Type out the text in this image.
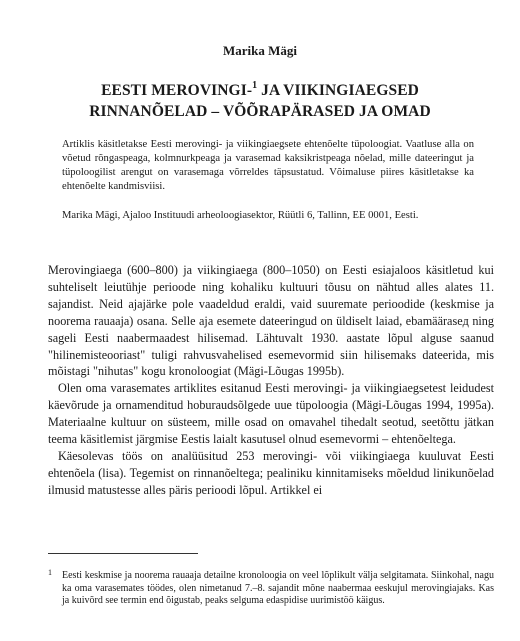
Marika Mägi
EESTI MEROVINGI-$^1$ JA VIIKINGIAEGSED
RINNANÕELAD – VÕÕRAPÄRASED JA OMAD
Artiklis käsitletakse Eesti merovingi- ja viikingiaegsete ehtenõelte tüpoloogiat. Vaatluse alla on võetud rõngaspeaga, kolmnurkpeaga ja varasemad kaksikristpeaga nõelad, mille dateeringut ja tüpoloogilist arengut on varasemaga võrreldes täpsustatud. Võimaluse piires käsitletakse ka ehtenõelte kandmisviisi.
Marika Mägi, Ajaloo Instituudi arheoloogiasektor, Rüütli 6, Tallinn, EE 0001, Eesti.

Merovingiaega (600–800) ja viikingiaega (800–1050) on Eesti esiajaloos käsitletud kui suhteliselt leiutühje perioode ning kohaliku kultuuri tõusu on nähtud alles alates 11. sajandist. Neid ajajärke pole vaadeldud eraldi, vaid suuremate perioodide (keskmise ja noorema rauaaja) osana. Selle aja esemete dateeringud on üldiselt laiad, ebamääraseд ning sageli Eesti naabermaadest hilisemad. Lähtuvalt 1930. aastate lõpul alguse saanud "hilinemisteooriast" tuligi rahvusvahelised esemevormid siin hilisemaks dateerida, mis mõistagi "nihutas" kogu kronoloogiat (Mägi-Lõugas 1995b).

Olen oma varasemates artiklites esitanud Eesti merovingi- ja viikingiaegsetest leidudest käevõrude ja ornamenditud hoburaudsõlgede uue tüpoloogia (Mägi-Lõugas 1994, 1995a). Materiaalne kultuur on süsteem, mille osad on omavahel tihedalt seotud, seetõttu jätkan teema käsitlemist järgmise Eestis laialt kasutusel olnud esemevormi – ehtenõeltega.

Käesolevas töös on analüüsitud 253 merovingi- või viikingiaega kuuluvat Eesti ehtenõela (lisa). Tegemist on rinnanõeltega; pealiniku kinnitamiseks mõeldud linikunõelad ilmusid matustesse alles päris perioodi lõpul. Artikkel ei

1 Eesti keskmise ja noorema rauaaja detailne kronoloogia on veel lõplikult välja selgitamata. Siinkohal, nagu ka oma varasemates töödes, olen nimetanud 7.–8. sajandit mõne naabermaa eeskujul merovingiajaks. Kas ja kuivõrd see termin end õigustab, peaks selguma edaspidise uurimistöö käigus.
